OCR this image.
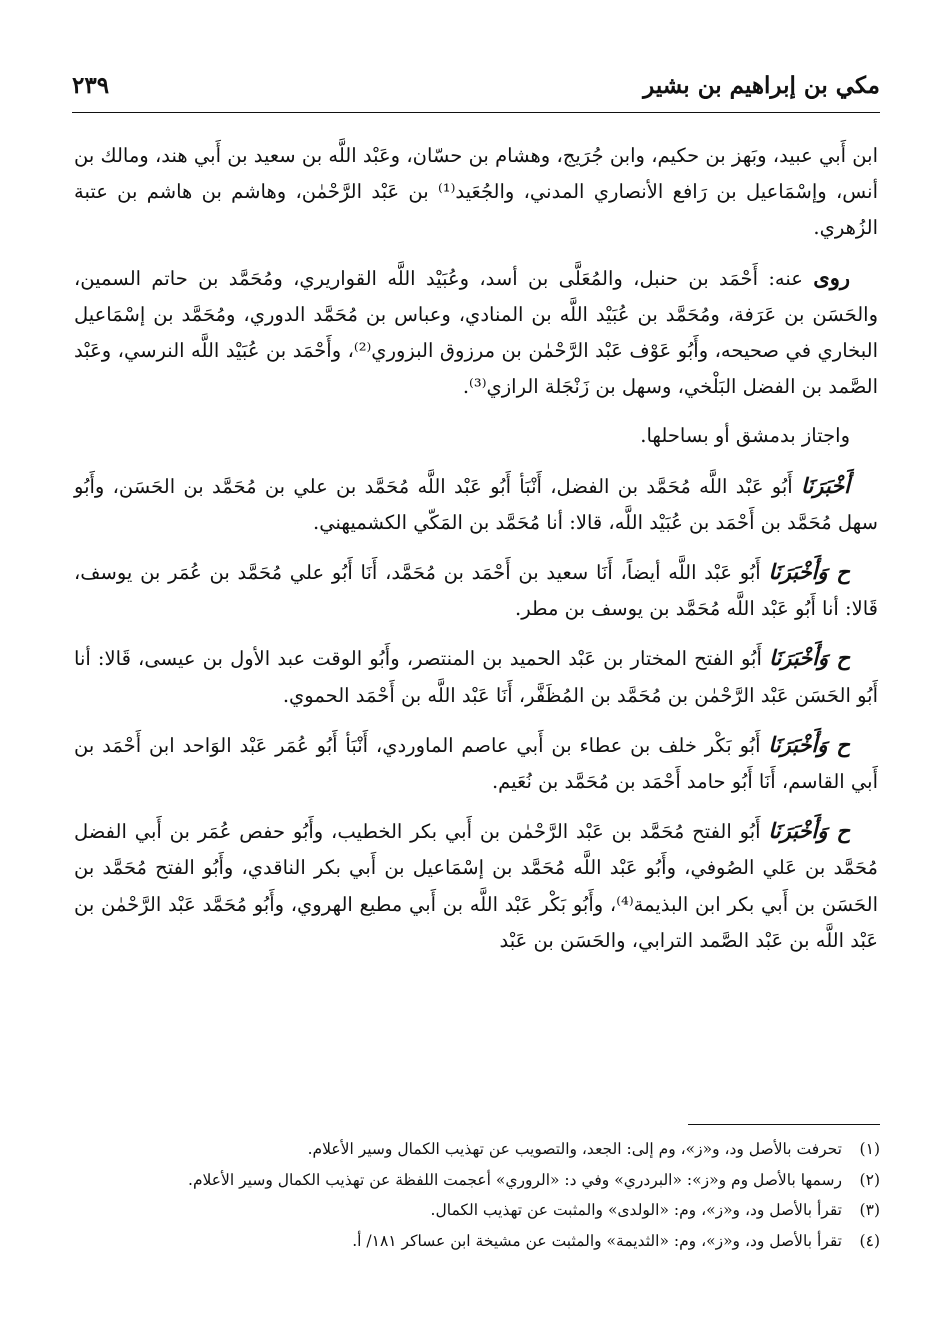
مكي بن إبراهيم بن بشير
٢٣٩

ابن أَبي عبيد، وبَهز بن حكيم، وابن جُرَيج، وهشام بن حسّان، وعَبْد اللَّه بن سعيد بن أَبي هند، ومالك بن أنس، وإسْمَاعيل بن رَافع الأنصاري المدني، والجُعَيد⁽¹⁾ بن عَبْد الرَّحْمٰن، وهاشم بن هاشم بن عتبة الزُهري.

روى عنه: أَحْمَد بن حنبل، والمُعَلَّى بن أسد، وعُبَيْد اللَّه القواريري، ومُحَمَّد بن حاتم السمين، والحَسَن بن عَرَفة، ومُحَمَّد بن عُبَيْد اللَّه بن المنادي، وعباس بن مُحَمَّد الدوري، ومُحَمَّد بن إسْمَاعيل البخاري في صحيحه، وأَبُو عَوْف عَبْد الرَّحْمٰن بن مرزوق البزوري⁽²⁾، وأَحْمَد بن عُبَيْد اللَّه النرسي، وعَبْد الصَّمد بن الفضل البَلْخي، وسهل بن زَنْجَلة الرازي⁽³⁾.

واجتاز بدمشق أو بساحلها.

أَخْبَرَنَا أَبُو عَبْد اللَّه مُحَمَّد بن الفضل، أَنْبَأ أَبُو عَبْد اللَّه مُحَمَّد بن علي بن مُحَمَّد بن الحَسَن، وأَبُو سهل مُحَمَّد بن أَحْمَد بن عُبَيْد اللَّه، قالا: أنا مُحَمَّد بن المَكّي الكشميهني.

ح وَأَخْبَرَنَا أَبُو عَبْد اللَّه أيضاً، أَنَا سعيد بن أَحْمَد بن مُحَمَّد، أَنَا أَبُو علي مُحَمَّد بن عُمَر بن يوسف، قَالا: أنا أَبُو عَبْد اللَّه مُحَمَّد بن يوسف بن مطر.

ح وَأَخْبَرَنَا أَبُو الفتح المختار بن عَبْد الحميد بن المنتصر، وأَبُو الوقت عبد الأول بن عيسى، قَالا: أنا أَبُو الحَسَن عَبْد الرَّحْمٰن بن مُحَمَّد بن المُظَفَّر، أَنَا عَبْد اللَّه بن أَحْمَد الحموي.

ح وَأَخْبَرَنَا أَبُو بَكْر خلف بن عطاء بن أَبي عاصم الماوردي، أَنْبَأ أَبُو عُمَر عَبْد الوَاحد ابن أَحْمَد بن أَبي القاسم، أَنَا أَبُو حامد أَحْمَد بن مُحَمَّد بن نُعَيم.

ح وَأَخْبَرَنَا أَبُو الفتح مُحَمَّد بن عَبْد الرَّحْمٰن بن أَبي بكر الخطيب، وأَبُو حفص عُمَر بن أَبي الفضل مُحَمَّد بن عَلي الصُوفي، وأَبُو عَبْد اللَّه مُحَمَّد بن إسْمَاعيل بن أَبي بكر الناقدي، وأَبُو الفتح مُحَمَّد بن الحَسَن بن أَبي بكر ابن البذيمة⁽⁴⁾، وأَبُو بَكْر عَبْد اللَّه بن أَبي مطيع الهروي، وأَبُو مُحَمَّد عَبْد الرَّحْمٰن بن عَبْد اللَّه بن عَبْد الصَّمد الترابي، والحَسَن بن عَبْد

(١)تحرفت بالأصل ود، و«ز»، وم إلى: الجعد، والتصويب عن تهذيب الكمال وسير الأعلام.
(٢)رسمها بالأصل وم و«ز»: «البردري» وفي د: «الروري» أعجمت اللفظة عن تهذيب الكمال وسير الأعلام.
(٣)تقرأ بالأصل ود، و«ز»، وم: «الولدى» والمثبت عن تهذيب الكمال.
(٤)تقرأ بالأصل ود، و«ز»، وم: «الثديمة» والمثبت عن مشيخة ابن عساكر ١٨١/ أ.
